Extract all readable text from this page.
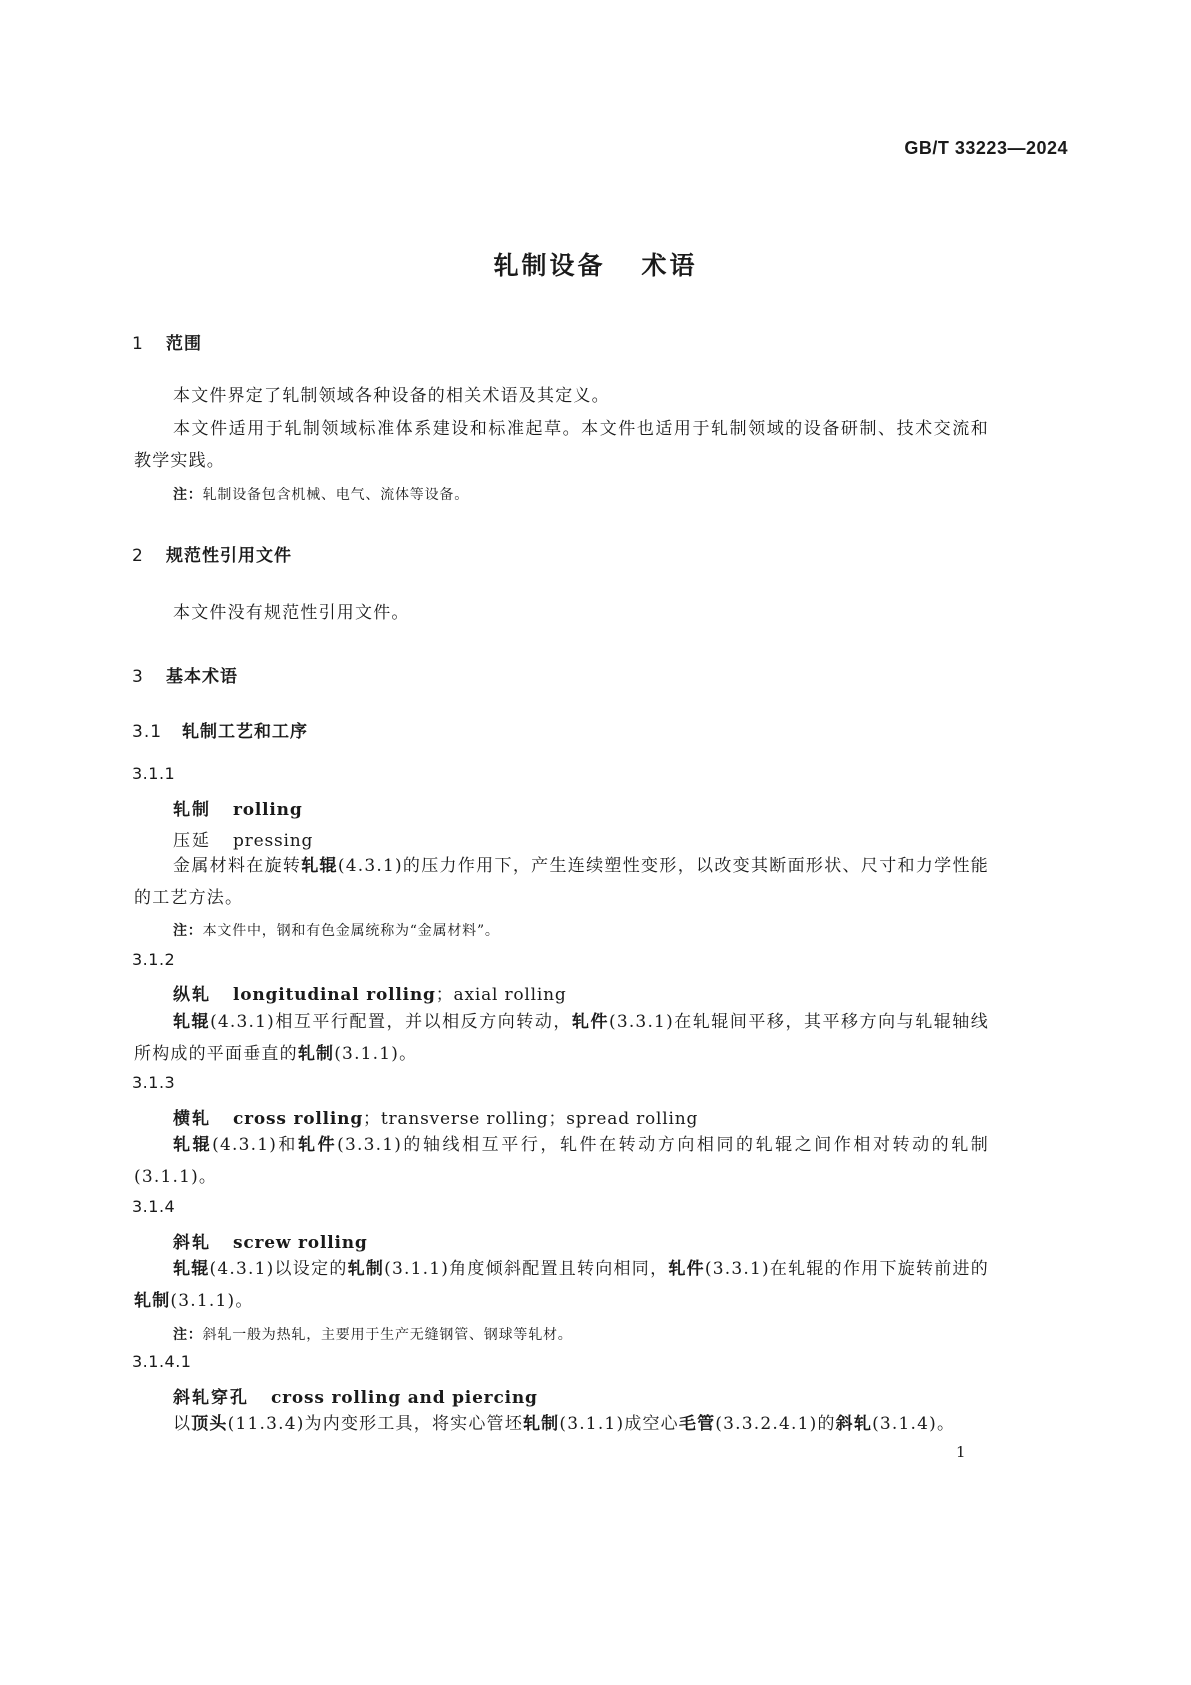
GB/T 33223—2024
轧制设备 术语
1 范围
本文件界定了轧制领域各种设备的相关术语及其定义。
本文件适用于轧制领域标准体系建设和标准起草。本文件也适用于轧制领域的设备研制、技术交流和教学实践。
注：轧制设备包含机械、电气、流体等设备。
2 规范性引用文件
本文件没有规范性引用文件。
3 基本术语
3.1 轧制工艺和工序
3.1.1
轧制 rolling
压延 pressing
金属材料在旋转轧辊(4.3.1)的压力作用下，产生连续塑性变形，以改变其断面形状、尺寸和力学性能的工艺方法。
注：本文件中，钢和有色金属统称为“金属材料”。
3.1.2
纵轧 longitudinal rolling；axial rolling
轧辊(4.3.1)相互平行配置，并以相反方向转动，轧件(3.3.1)在轧辊间平移，其平移方向与轧辊轴线所构成的平面垂直的轧制(3.1.1)。
3.1.3
横轧 cross rolling；transverse rolling；spread rolling
轧辊(4.3.1)和轧件(3.3.1)的轴线相互平行，轧件在转动方向相同的轧辊之间作相对转动的轧制(3.1.1)。
3.1.4
斜轧 screw rolling
轧辊(4.3.1)以设定的轧制(3.1.1)角度倾斜配置且转向相同，轧件(3.3.1)在轧辊的作用下旋转前进的轧制(3.1.1)。
注：斜轧一般为热轧，主要用于生产无缝钢管、钢球等轧材。
3.1.4.1
斜轧穿孔 cross rolling and piercing
以顶头(11.3.4)为内变形工具，将实心管坯轧制(3.1.1)成空心毛管(3.3.2.4.1)的斜轧(3.1.4)。
1
